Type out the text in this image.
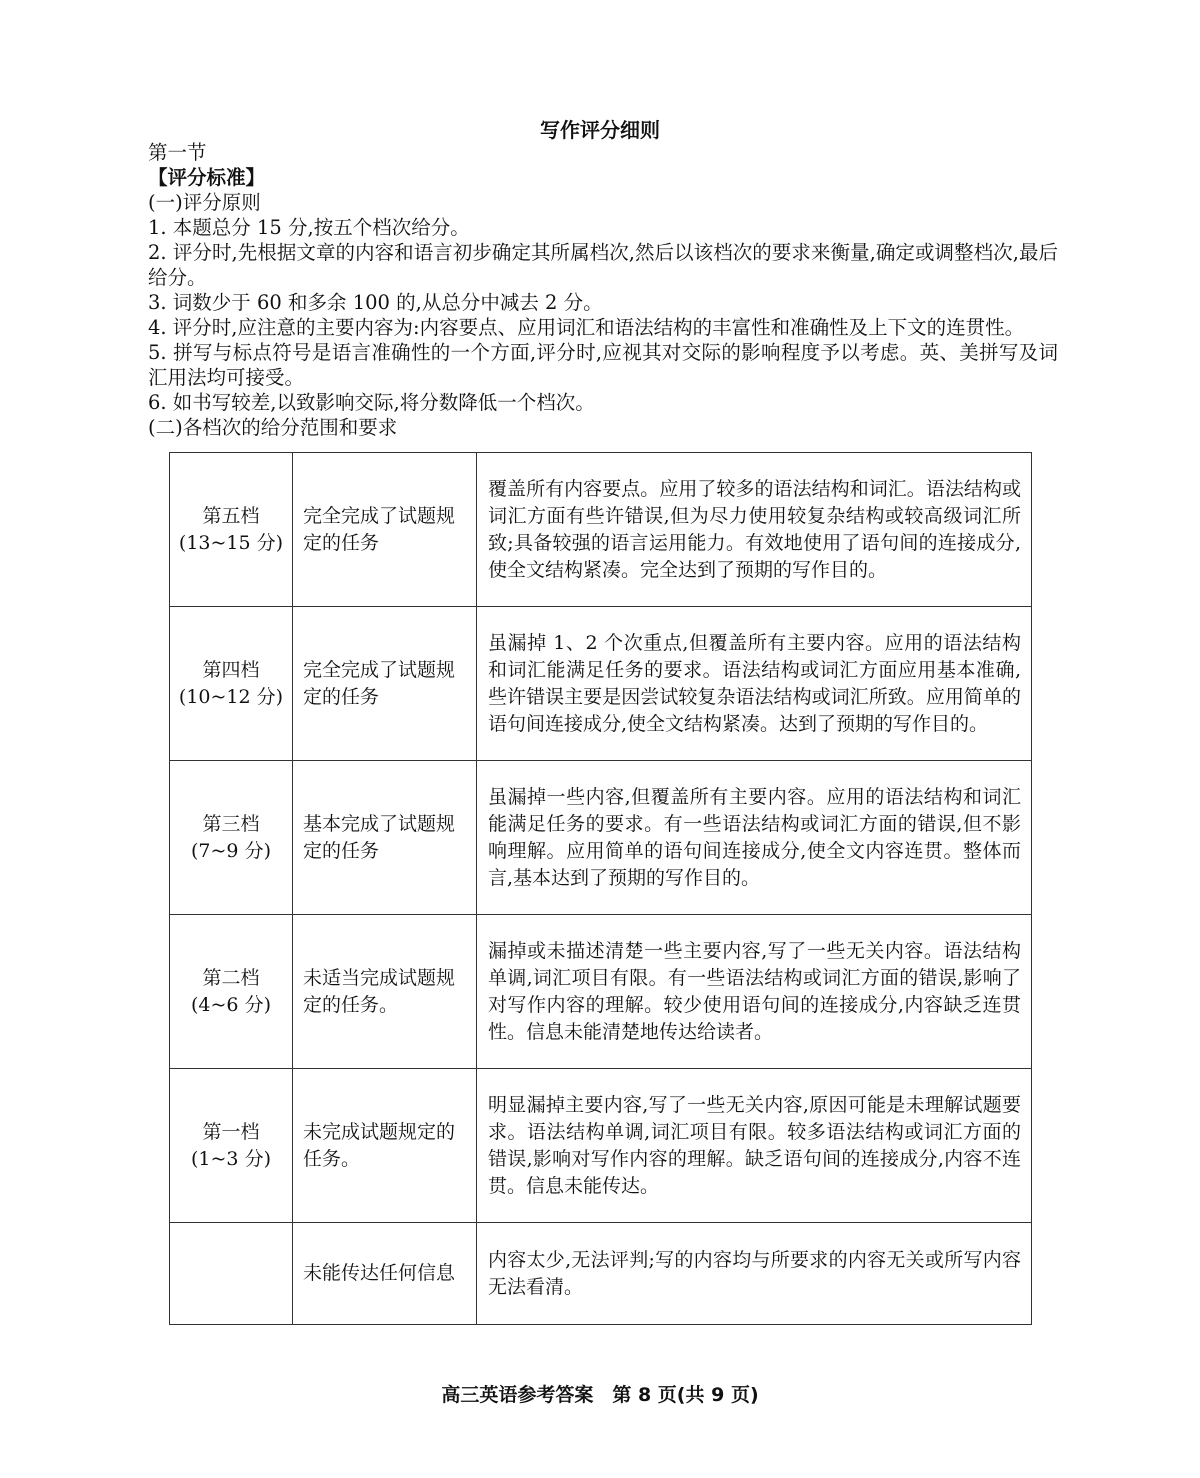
写作评分细则

第一节

【评分标准】

(一)评分原则

1. 本题总分 15 分,按五个档次给分。

2. 评分时,先根据文章的内容和语言初步确定其所属档次,然后以该档次的要求来衡量,确定或调整档次,最后给分。

3. 词数少于 60 和多余 100 的,从总分中减去 2 分。

4. 评分时,应注意的主要内容为:内容要点、应用词汇和语法结构的丰富性和准确性及上下文的连贯性。

5. 拼写与标点符号是语言准确性的一个方面,评分时,应视其对交际的影响程度予以考虑。英、美拼写及词汇用法均可接受。

6. 如书写较差,以致影响交际,将分数降低一个档次。

(二)各档次的给分范围和要求

第五档
(13~15 分)	完全完成了试题规定的任务	覆盖所有内容要点。应用了较多的语法结构和词汇。语法结构或词汇方面有些许错误,但为尽力使用较复杂结构或较高级词汇所致;具备较强的语言运用能力。有效地使用了语句间的连接成分,使全文结构紧凑。完全达到了预期的写作目的。

第四档
(10~12 分)	完全完成了试题规定的任务	虽漏掉 1、2 个次重点,但覆盖所有主要内容。应用的语法结构和词汇能满足任务的要求。语法结构或词汇方面应用基本准确,些许错误主要是因尝试较复杂语法结构或词汇所致。应用简单的语句间连接成分,使全文结构紧凑。达到了预期的写作目的。

第三档
(7~9 分)	基本完成了试题规定的任务	虽漏掉一些内容,但覆盖所有主要内容。应用的语法结构和词汇能满足任务的要求。有一些语法结构或词汇方面的错误,但不影响理解。应用简单的语句间连接成分,使全文内容连贯。整体而言,基本达到了预期的写作目的。

第二档
(4~6 分)	未适当完成试题规定的任务。	漏掉或未描述清楚一些主要内容,写了一些无关内容。语法结构单调,词汇项目有限。有一些语法结构或词汇方面的错误,影响了对写作内容的理解。较少使用语句间的连接成分,内容缺乏连贯性。信息未能清楚地传达给读者。

第一档
(1~3 分)	未完成试题规定的任务。	明显漏掉主要内容,写了一些无关内容,原因可能是未理解试题要求。语法结构单调,词汇项目有限。较多语法结构或词汇方面的错误,影响对写作内容的理解。缺乏语句间的连接成分,内容不连贯。信息未能传达。

	未能传达任何信息	内容太少,无法评判;写的内容均与所要求的内容无关或所写内容无法看清。
高三英语参考答案　第 8 页(共 9 页)
